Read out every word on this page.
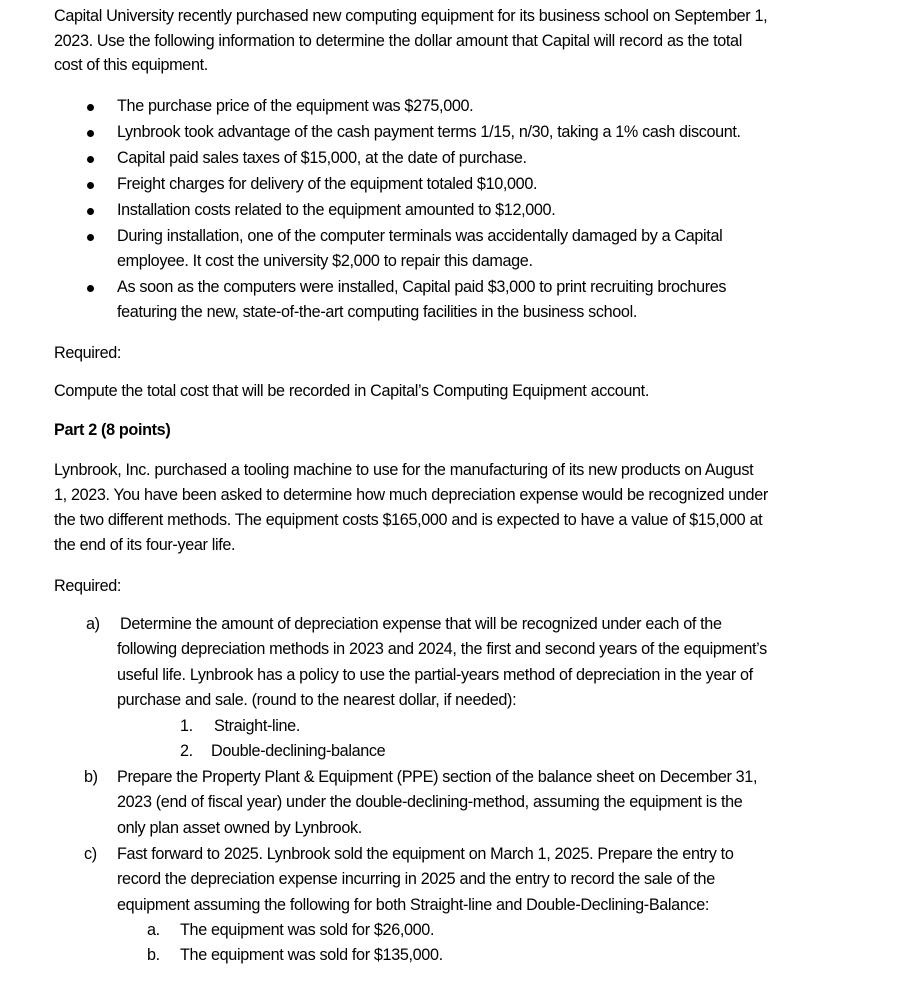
Capital University recently purchased new computing equipment for its business school on September 1,
2023. Use the following information to determine the dollar amount that Capital will record as the total
cost of this equipment.
The purchase price of the equipment was $275,000.
Lynbrook took advantage of the cash payment terms 1/15, n/30, taking a 1% cash discount.
Capital paid sales taxes of $15,000, at the date of purchase.
Freight charges for delivery of the equipment totaled $10,000.
Installation costs related to the equipment amounted to $12,000.
During installation, one of the computer terminals was accidentally damaged by a Capital
employee. It cost the university $2,000 to repair this damage.
As soon as the computers were installed, Capital paid $3,000 to print recruiting brochures
featuring the new, state-of-the-art computing facilities in the business school.
Required:
Compute the total cost that will be recorded in Capital’s Computing Equipment account.
Part 2 (8 points)
Lynbrook, Inc. purchased a tooling machine to use for the manufacturing of its new products on August
1, 2023. You have been asked to determine how much depreciation expense would be recognized under
the two different methods. The equipment costs $165,000 and is expected to have a value of $15,000 at
the end of its four-year life.
Required:
a) Determine the amount of depreciation expense that will be recognized under each of the
following depreciation methods in 2023 and 2024, the first and second years of the equipment’s
useful life. Lynbrook has a policy to use the partial-years method of depreciation in the year of
purchase and sale. (round to the nearest dollar, if needed):
1. Straight-line.
2. Double-declining-balance
b) Prepare the Property Plant & Equipment (PPE) section of the balance sheet on December 31,
2023 (end of fiscal year) under the double-declining-method, assuming the equipment is the
only plan asset owned by Lynbrook.
c) Fast forward to 2025. Lynbrook sold the equipment on March 1, 2025. Prepare the entry to
record the depreciation expense incurring in 2025 and the entry to record the sale of the
equipment assuming the following for both Straight-line and Double-Declining-Balance:
a. The equipment was sold for $26,000.
b. The equipment was sold for $135,000.
